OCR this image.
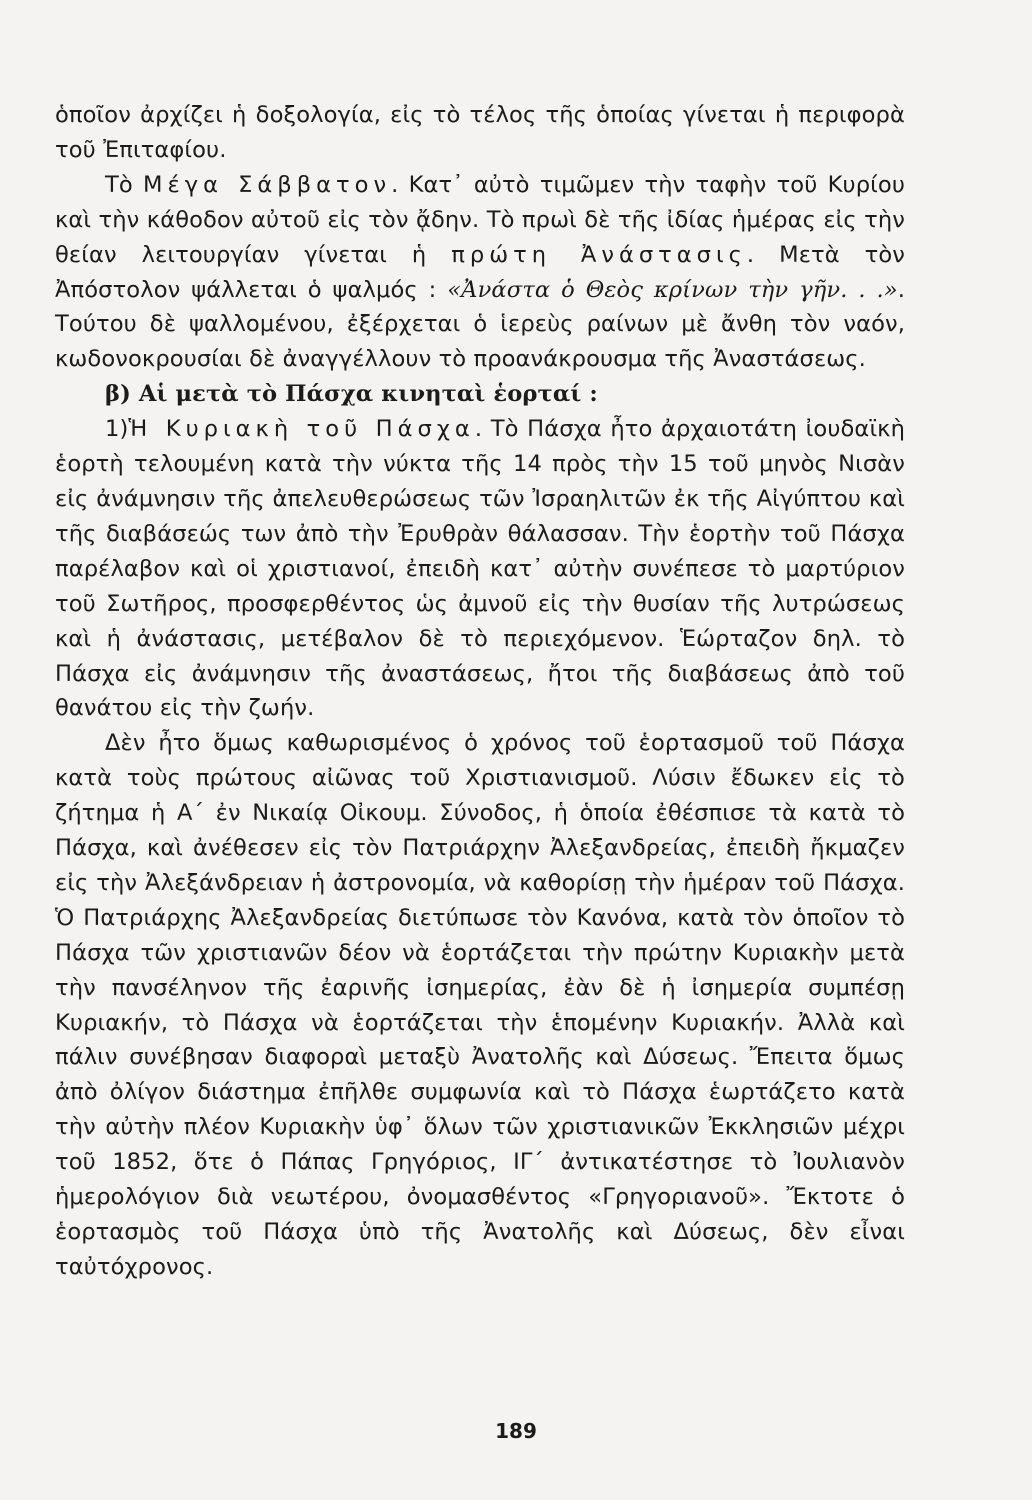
ὁποῖον ἀρχίζει ἡ δοξολογία, εἰς τὸ τέλος τῆς ὁποίας γίνεται ἡ περιφορὰ τοῦ Ἐπιταφίου.

Τὸ Μέγα Σάββατον. Κατ᾽ αὐτὸ τιμῶμεν τὴν ταφὴν τοῦ Κυρίου καὶ τὴν κάθοδον αὐτοῦ εἰς τὸν ᾄδην. Τὸ πρωὶ δὲ τῆς ἰδίας ἡμέρας εἰς τὴν θείαν λειτουργίαν γίνεται ἡ πρώτη Ἀνάστασις. Μετὰ τὸν Ἀπόστολον ψάλλεται ὁ ψαλμός : «Ἀνάστα ὁ Θεὸς κρίνων τὴν γῆν. . .». Τούτου δὲ ψαλλομένου, ἐξέρχεται ὁ ἱερεὺς ραίνων μὲ ἄνθη τὸν ναόν, κωδονοκρουσίαι δὲ ἀναγγέλλουν τὸ προανάκρουσμα τῆς Ἀναστάσεως.

β) Αἱ μετὰ τὸ Πάσχα κινηταὶ ἑορταί :

1)Ἡ Κυριακὴ τοῦ Πάσχα. Τὸ Πάσχα ἦτο ἀρχαιοτάτη ἰουδαϊκὴ ἑορτὴ τελουμένη κατὰ τὴν νύκτα τῆς 14 πρὸς τὴν 15 τοῦ μηνὸς Νισὰν εἰς ἀνάμνησιν τῆς ἀπελευθερώσεως τῶν Ἰσραηλιτῶν ἐκ τῆς Αἰγύπτου καὶ τῆς διαβάσεώς των ἀπὸ τὴν Ἐρυθρὰν θάλασσαν. Τὴν ἑορτὴν τοῦ Πάσχα παρέλαβον καὶ οἱ χριστιανοί, ἐπειδὴ κατ᾽ αὐτὴν συνέπεσε τὸ μαρτύριον τοῦ Σωτῆρος, προσφερθέντος ὡς ἀμνοῦ εἰς τὴν θυσίαν τῆς λυτρώσεως καὶ ἡ ἀνάστασις, μετέβαλον δὲ τὸ περιεχόμενον. Ἑώρταζον δηλ. τὸ Πάσχα εἰς ἀνάμνησιν τῆς ἀναστάσεως, ἤτοι τῆς διαβάσεως ἀπὸ τοῦ θανάτου εἰς τὴν ζωήν.

Δὲν ἦτο ὅμως καθωρισμένος ὁ χρόνος τοῦ ἑορτασμοῦ τοῦ Πάσχα κατὰ τοὺς πρώτους αἰῶνας τοῦ Χριστιανισμοῦ. Λύσιν ἔδωκεν εἰς τὸ ζήτημα ἡ Α΄ ἐν Νικαίᾳ Οἰκουμ. Σύνοδος, ἡ ὁποία ἐθέσπισε τὰ κατὰ τὸ Πάσχα, καὶ ἀνέθεσεν εἰς τὸν Πατριάρχην Ἀλεξανδρείας, ἐπειδὴ ἤκμαζεν εἰς τὴν Ἀλεξάνδρειαν ἡ ἀστρονομία, νὰ καθορίσῃ τὴν ἡμέραν τοῦ Πάσχα. Ὁ Πατριάρχης Ἀλεξανδρείας διετύπωσε τὸν Κανόνα, κατὰ τὸν ὁποῖον τὸ Πάσχα τῶν χριστιανῶν δέον νὰ ἑορτάζεται τὴν πρώτην Κυριακὴν μετὰ τὴν πανσέληνον τῆς ἐαρινῆς ἰσημερίας, ἐὰν δὲ ἡ ἰσημερία συμπέσῃ Κυριακήν, τὸ Πάσχα νὰ ἑορτάζεται τὴν ἑπομένην Κυριακήν. Ἀλλὰ καὶ πάλιν συνέβησαν διαφοραὶ μεταξὺ Ἀνατολῆς καὶ Δύσεως. Ἔπειτα ὅμως ἀπὸ ὀλίγον διάστημα ἐπῆλθε συμφωνία καὶ τὸ Πάσχα ἑωρτάζετο κατὰ τὴν αὐτὴν πλέον Κυριακὴν ὑφ᾽ ὅλων τῶν χριστιανικῶν Ἐκκλησιῶν μέχρι τοῦ 1852, ὅτε ὁ Πάπας Γρηγόριος, ΙΓ΄ ἀντικατέστησε τὸ Ἰουλιανὸν ἡμερολόγιον διὰ νεωτέρου, ὀνομασθέντος «Γρηγοριανοῦ». Ἔκτοτε ὁ ἑορτασμὸς τοῦ Πάσχα ὑπὸ τῆς Ἀνατολῆς καὶ Δύσεως, δὲν εἶναι ταὐτόχρονος.

189
